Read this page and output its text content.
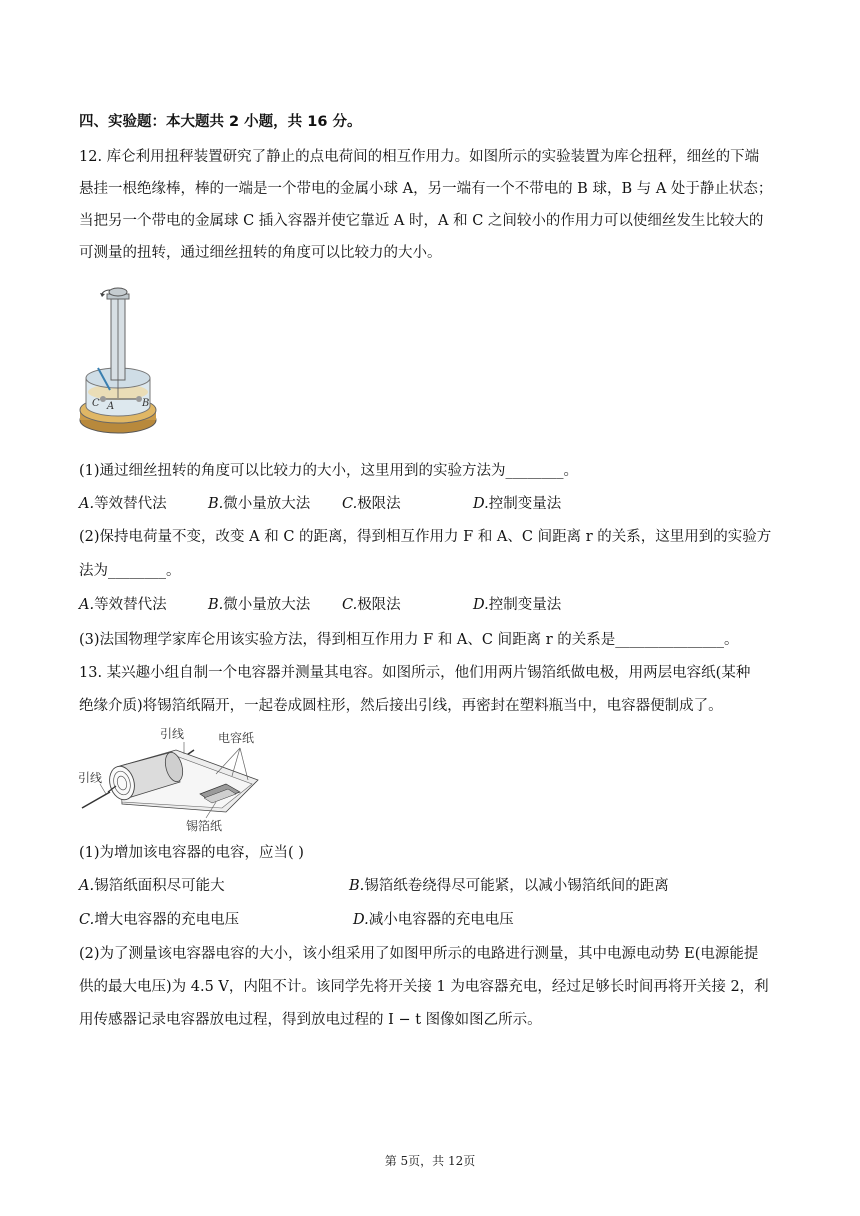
四、实验题：本大题共 2 小题，共 16 分。
12. 库仑利用扭秤装置研究了静止的点电荷间的相互作用力。如图所示的实验装置为库仑扭秤，细丝的下端
悬挂一根绝缘棒，棒的一端是一个带电的金属小球 A，另一端有一个不带电的 B 球，B 与 A 处于静止状态；
当把另一个带电的金属球 C 插入容器并使它靠近 A 时，A 和 C 之间较小的作用力可以使细丝发生比较大的
可测量的扭转，通过细丝扭转的角度可以比较力的大小。
C A	B
(1)通过细丝扭转的角度可以比较力的大小，这里用到的实验方法为________。
A.等效替代法	B.微小量放大法 C.极限法	D.控制变量法
(2)保持电荷量不变，改变 A 和 C 的距离，得到相互作用力 F 和 A、C 间距离 r 的关系，这里用到的实验方
法为________。
A.等效替代法	B.微小量放大法 C.极限法	D.控制变量法
(3)法国物理学家库仑用该实验方法，得到相互作用力 F 和 A、C 间距离 r 的关系是_______________。
13. 某兴趣小组自制一个电容器并测量其电容。如图所示，他们用两片锡箔纸做电极，用两层电容纸(某种
绝缘介质)将锡箔纸隔开，一起卷成圆柱形，然后接出引线，再密封在塑料瓶当中，电容器便制成了。
引线	电容纸
引线
锡箔纸
(1)为增加该电容器的电容，应当( )
A.锡箔纸面积尽可能大	B.锡箔纸卷绕得尽可能紧，以减小锡箔纸间的距离
C.增大电容器的充电电压	D.减小电容器的充电电压
(2)为了测量该电容器电容的大小，该小组采用了如图甲所示的电路进行测量，其中电源电动势 E(电源能提
供的最大电压)为 4.5 V，内阻不计。该同学先将开关接 1 为电容器充电，经过足够长时间再将开关接 2，利
用传感器记录电容器放电过程，得到放电过程的 I − t 图像如图乙所示。
第 5页，共 12页
